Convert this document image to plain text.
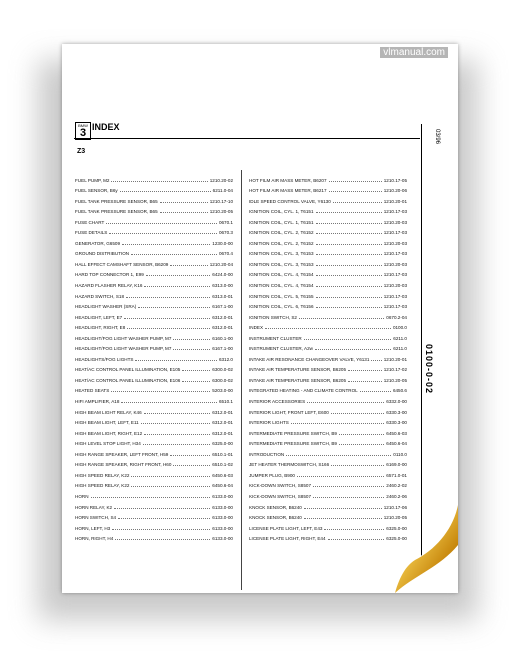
vlmanual.com
BMW
3 INDEX
Z3
03/96
0100-0-02
FUEL PUMP, M2	1210.20-02
FUEL SENSOR, B6y	6211.0-04
FUEL TANK PRESSURE SENSOR, B65	1210.17-10
FUEL TANK PRESSURE SENSOR, B65	1210.20-05
FUSE CHART	0670.1
FUSE DETAILS	0670.3
GENERATOR, G6509	1230.0-00
GROUND DISTRIBUTION	0670.4
HALL EFFECT CAMSHAFT SENSOR, B6209	1210.20-04
HARD TOP CONNECTOR 1, E99	6424.0-00
HAZARD FLASHER RELAY, K16	6313.0-00
HAZARD SWITCH, S18	6313.0-01
HEADLIGHT WASHER (SRA)	6167.1-00
HEADLIGHT, LEFT, E7	6312.0-01
HEADLIGHT, RIGHT, E8	6312.0-01
HEADLIGHT/FOG LIGHT WASHER PUMP, M7	6160.1-00
HEADLIGHT/FOG LIGHT WASHER PUMP, M7	6167.1-00
HEADLIGHTS/FOG LIGHTS	6312.0
HEAT/AC CONTROL PANEL ILLUMINATION, E105	6300.0-02
HEAT/AC CONTROL PANEL ILLUMINATION, E106	6300.0-02
HEATED SEATS	5203.0-00
HIFI AMPLIFIER, A18	6510.1
HIGH BEAM LIGHT RELAY, K46	6312.0-01
HIGH BEAM LIGHT, LEFT, E11	6312.0-01
HIGH BEAM LIGHT, RIGHT, E12	6312.0-01
HIGH LEVEL STOP LIGHT, H34	6325.0-00
HIGH RANGE SPEAKER, LEFT FRONT, H59	6510.1-01
HIGH RANGE SPEAKER, RIGHT FRONT, H60	6510.1-02
HIGH SPEED RELAY, K22	6450.6-03
HIGH SPEED RELAY, K22	6450.6-04
HORN	6133.0-00
HORN RELAY, K2	6133.0-00
HORN SWITCH, S4	6133.0-00
HORN, LEFT, H3	6133.0-00
HORN, RIGHT, H4	6133.0-00
HOT FILM AIR MASS METER, B6207	1210.17-05
HOT FILM AIR MASS METER, B6217	1210.20-06
IDLE SPEED CONTROL VALVE, Y6130	1210.20-01
IGNITION COIL, CYL. 1, T6151	1210.17-03
IGNITION COIL, CYL. 1, T6151	1210.20-03
IGNITION COIL, CYL. 2, T6152	1210.17-03
IGNITION COIL, CYL. 2, T6152	1210.20-03
IGNITION COIL, CYL. 3, T6153	1210.17-03
IGNITION COIL, CYL. 3, T6153	1210.20-03
IGNITION COIL, CYL. 4, T6154	1210.17-03
IGNITION COIL, CYL. 4, T6154	1210.20-03
IGNITION COIL, CYL. 5, T6155	1210.17-03
IGNITION COIL, CYL. 6, T6156	1210.17-03
IGNITION SWITCH, S2	0670.2-04
INDEX	0100.0
INSTRUMENT CLUSTER	6211.0
INSTRUMENT CLUSTER, A2w	6211.0
INTAKE AIR RESONANCE CHANGEOVER VALVE, Y6131	1210.20-01
INTAKE AIR TEMPERATURE SENSOR, B6205	1210.17-02
INTAKE AIR TEMPERATURE SENSOR, B6205	1210.20-05
INTEGRATED HEATING - AND CLIMATE CONTROL	6450.6
INTERIOR ACCESSORIES	6332.0-00
INTERIOR LIGHT, FRONT LEFT, E600	6330.3-00
INTERIOR LIGHTS	6330.3-00
INTERMEDIATE PRESSURE SWITCH, B9	6450.6-03
INTERMEDIATE PRESSURE SWITCH, B9	6450.6-04
INTRODUCTION	0110.0
JET HEATER THERMOSWITCH, S166	6169.0-00
JUMPER PLUG, B900	6571.0-01
KICK-DOWN SWITCH, S8507	2460.2-02
KICK-DOWN SWITCH, S8507	2460.2-06
KNOCK SENSOR, B6240	1210.17-06
KNOCK SENSOR, B6240	1210.20-05
LICENSE PLATE LIGHT, LEFT, E43	6325.0-00
LICENSE PLATE LIGHT, RIGHT, E44	6325.0-00
